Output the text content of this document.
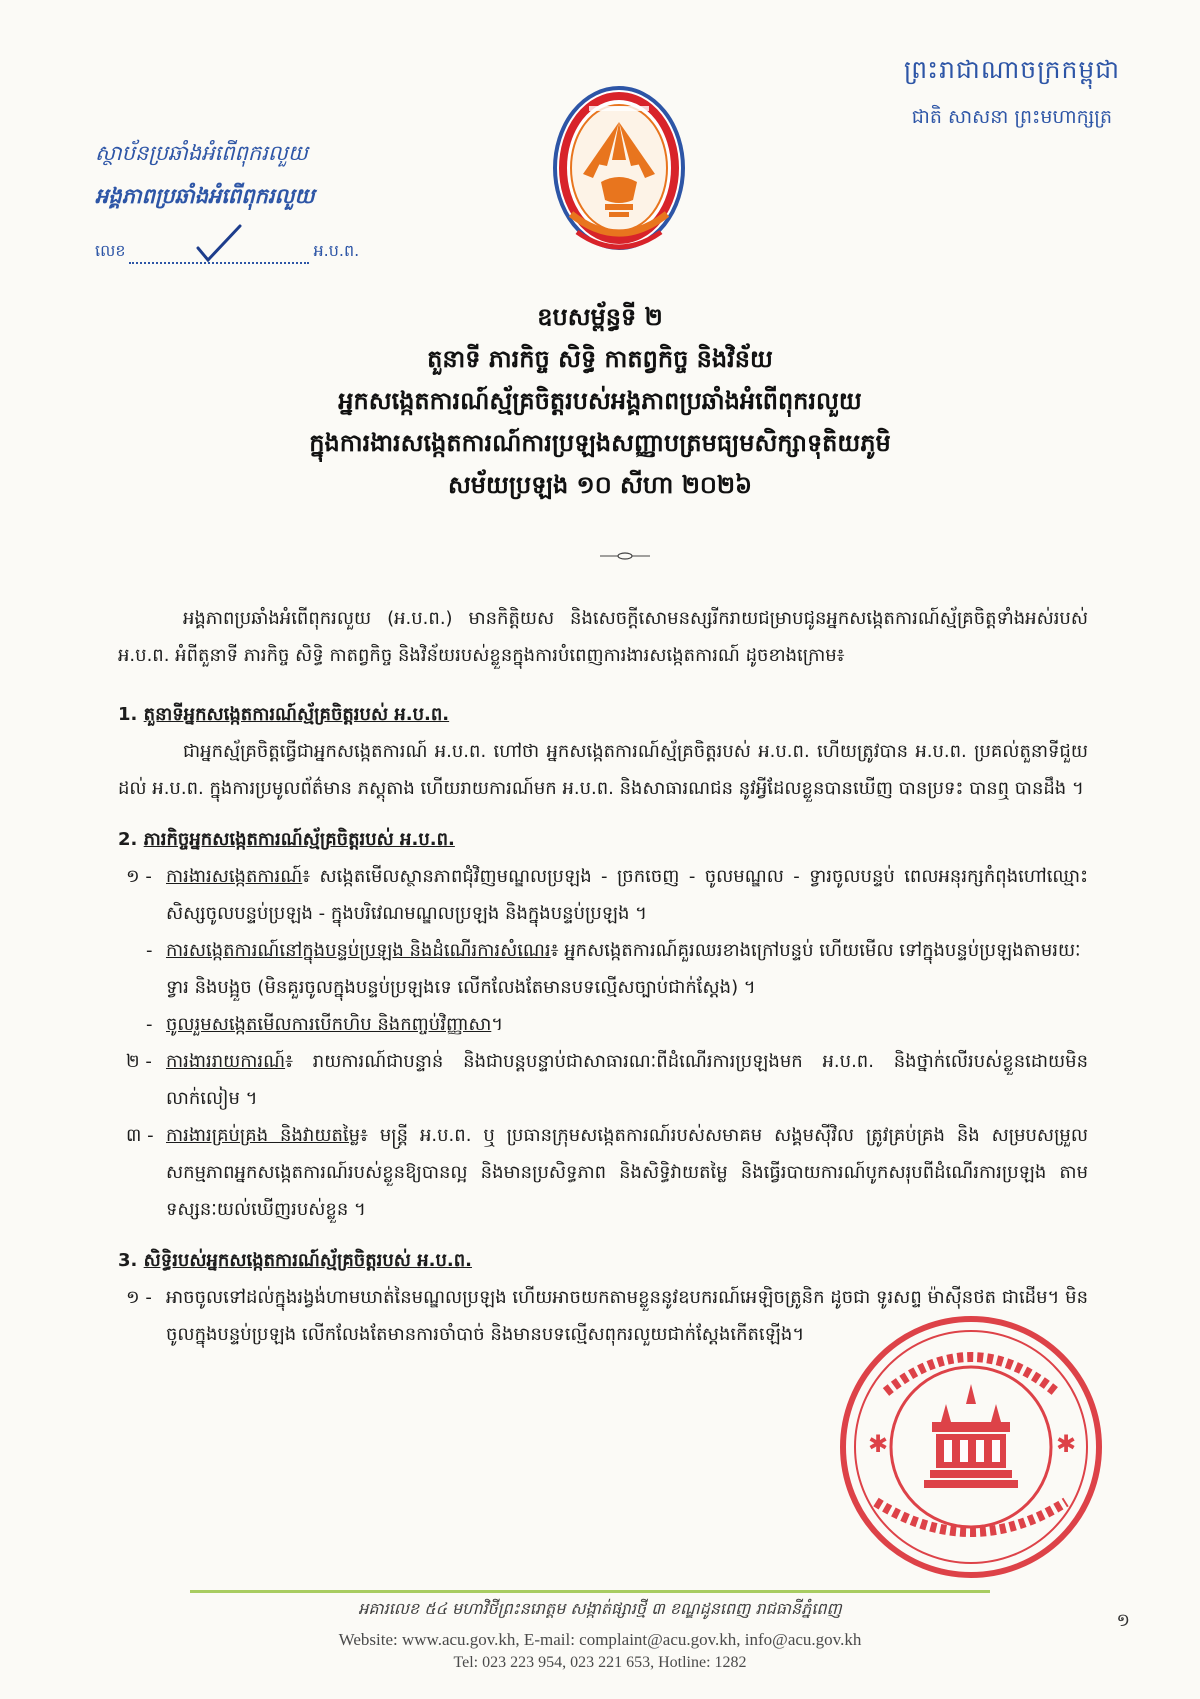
ព្រះរាជាណាចក្រកម្ពុជា
ជាតិ សាសនា ព្រះមហាក្សត្រ
ស្ថាប័នប្រឆាំងអំពើពុករលួយ
អង្គភាពប្រឆាំងអំពើពុករលួយ
លេខ	អ.ប.ព.
ឧបសម្ព័ន្ធទី ២
តួនាទី ភារកិច្ច សិទ្ធិ កាតព្វកិច្ច និងវិន័យ
អ្នកសង្កេតការណ៍ស្ម័គ្រចិត្តរបស់អង្គភាពប្រឆាំងអំពើពុករលួយ
ក្នុងការងារសង្កេតការណ៍ការប្រឡងសញ្ញាបត្រមធ្យមសិក្សាទុតិយភូមិ
សម័យប្រឡង ១០ សីហា ២០២៦
អង្គភាពប្រឆាំងអំពើពុករលួយ (អ.ប.ព.) មានកិត្តិយស និងសេចក្តីសោមនស្សរីករាយជម្រាបជូនអ្នកសង្កេតការណ៍ស្ម័គ្រចិត្តទាំងអស់របស់ អ.ប.ព. អំពីតួនាទី ភារកិច្ច សិទ្ធិ កាតព្វកិច្ច និងវិន័យរបស់ខ្លួនក្នុងការបំពេញការងារសង្កេតការណ៍ ដូចខាងក្រោម៖
1. តួនាទីអ្នកសង្កេតការណ៍ស្ម័គ្រចិត្តរបស់ អ.ប.ព.
ជាអ្នកស្ម័គ្រចិត្តធ្វើជាអ្នកសង្កេតការណ៍ អ.ប.ព. ហៅថា អ្នកសង្កេតការណ៍ស្ម័គ្រចិត្តរបស់ អ.ប.ព. ហើយត្រូវបាន អ.ប.ព. ប្រគល់តួនាទីជួយដល់ អ.ប.ព. ក្នុងការប្រមូលព័ត៌មាន ភស្តុតាង ហើយរាយការណ៍មក អ.ប.ព. និងសាធារណជន នូវអ្វីដែលខ្លួនបានឃើញ បានប្រទះ បានឮ បានដឹង ។
2. ភារកិច្ចអ្នកសង្កេតការណ៍ស្ម័គ្រចិត្តរបស់ អ.ប.ព.
១ - ការងារសង្កេតការណ៍៖ សង្កេតមើលស្ថានភាពជុំវិញមណ្ឌលប្រឡង - ច្រកចេញ - ចូលមណ្ឌល - ទ្វារចូលបន្ទប់ ពេលអនុរក្សកំពុងហៅឈ្មោះសិស្សចូលបន្ទប់ប្រឡង - ក្នុងបរិវេណមណ្ឌលប្រឡង និងក្នុងបន្ទប់ប្រឡង ។
- ការសង្កេតការណ៍នៅក្នុងបន្ទប់ប្រឡង និងដំណើរការសំណេរ៖ អ្នកសង្កេតការណ៍គួរឈរខាងក្រៅបន្ទប់ ហើយមើល ទៅក្នុងបន្ទប់ប្រឡងតាមរយៈទ្វារ និងបង្អួច (មិនគួរចូលក្នុងបន្ទប់ប្រឡងទេ លើកលែងតែមានបទល្មើសច្បាប់ជាក់ស្តែង) ។
- ចូលរួមសង្កេតមើលការបើកហិប និងកញ្ចប់វិញ្ញាសា។
២ - ការងាររាយការណ៍៖ រាយការណ៍ជាបន្ទាន់ និងជាបន្តបន្ទាប់ជាសាធារណៈពីដំណើរការប្រឡងមក អ.ប.ព. និងថ្នាក់លើរបស់ខ្លួនដោយមិនលាក់លៀម ។
៣ - ការងារគ្រប់គ្រង និងវាយតម្លៃ៖ មន្ត្រី អ.ប.ព. ឬ ប្រធានក្រុមសង្កេតការណ៍របស់សមាគម សង្គមស៊ីវិល ត្រូវគ្រប់គ្រង និង សម្របសម្រួលសកម្មភាពអ្នកសង្កេតការណ៍របស់ខ្លួនឱ្យបានល្អ និងមានប្រសិទ្ធភាព និងសិទ្ធិវាយតម្លៃ និងធ្វើរបាយការណ៍បូកសរុបពីដំណើរការប្រឡង តាមទស្សនៈយល់ឃើញរបស់ខ្លួន ។
3. សិទ្ធិរបស់អ្នកសង្កេតការណ៍ស្ម័គ្រចិត្តរបស់ អ.ប.ព.
១ - អាចចូលទៅដល់ក្នុងរង្វង់ហាមឃាត់នៃមណ្ឌលប្រឡង ហើយអាចយកតាមខ្លួននូវឧបករណ៍អេឡិចត្រូនិក ដូចជា ទូរសព្ទ ម៉ាស៊ីនថត ជាដើម។ មិនចូលក្នុងបន្ទប់ប្រឡង លើកលែងតែមានការចាំបាច់ និងមានបទល្មើសពុករលួយជាក់ស្តែងកើតឡើង។
✱	✱
អគារលេខ ៥៤ មហាវិថីព្រះនរោត្តម សង្កាត់ផ្សារថ្មី ៣ ខណ្ឌដូនពេញ រាជធានីភ្នំពេញ
Website: www.acu.gov.kh, E-mail: complaint@acu.gov.kh, info@acu.gov.kh
Tel: 023 223 954, 023 221 653, Hotline: 1282
១
